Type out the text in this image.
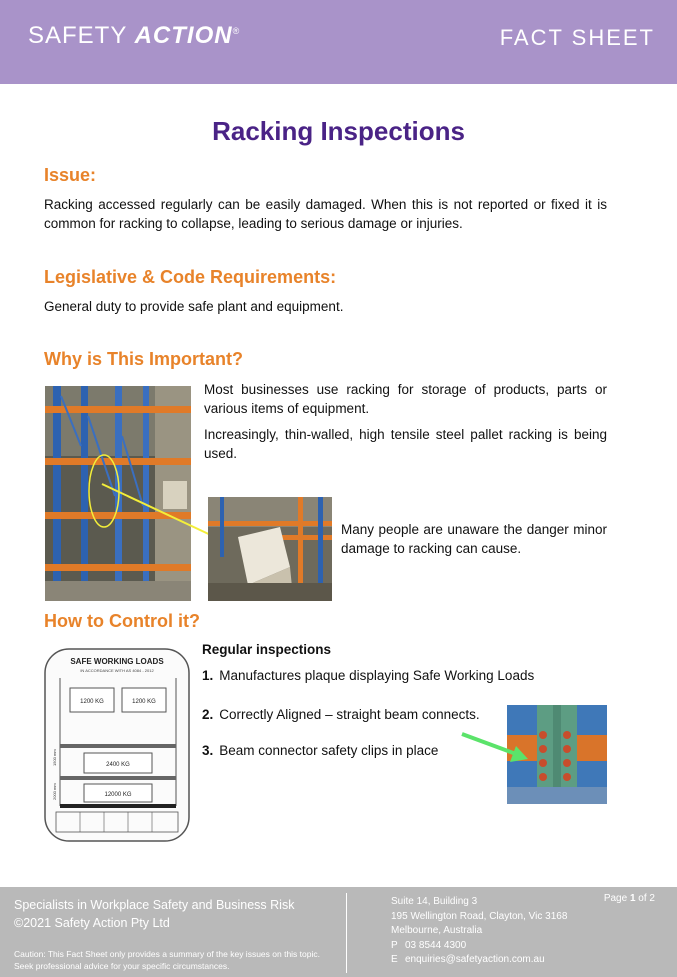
SAFETY ACTION®	FACT SHEET
Racking Inspections
Issue:
Racking accessed regularly can be easily damaged. When this is not reported or fixed it is common for racking to collapse, leading to serious damage or injuries.
Legislative & Code Requirements:
General duty to provide safe plant and equipment.
Why is This Important?
Most businesses use racking for storage of products, parts or various items of equipment.
Increasingly, thin-walled, high tensile steel pallet racking is being used.
Many people are unaware the danger minor damage to racking can cause.
How to Control it?
SAFE WORKING LOADS
IN ACCORDANCE WITH AS 4084 - 2012
1200 KG	1200 KG
2400 KG
12000 KG
1500 mm
2000 mm
Regular inspections
1. Manufactures plaque displaying Safe Working Loads
2. Correctly Aligned – straight beam connects.
3. Beam connector safety clips in place
Specialists in Workplace Safety and Business Risk
©2021 Safety Action Pty Ltd
Caution: This Fact Sheet only provides a summary of the key issues on this topic. Seek professional advice for your specific circumstances.
Suite 14, Building 3
195 Wellington Road, Clayton, Vic 3168
Melbourne, Australia
P 03 8544 4300
E enquiries@safetyaction.com.au
Page 1 of 2
